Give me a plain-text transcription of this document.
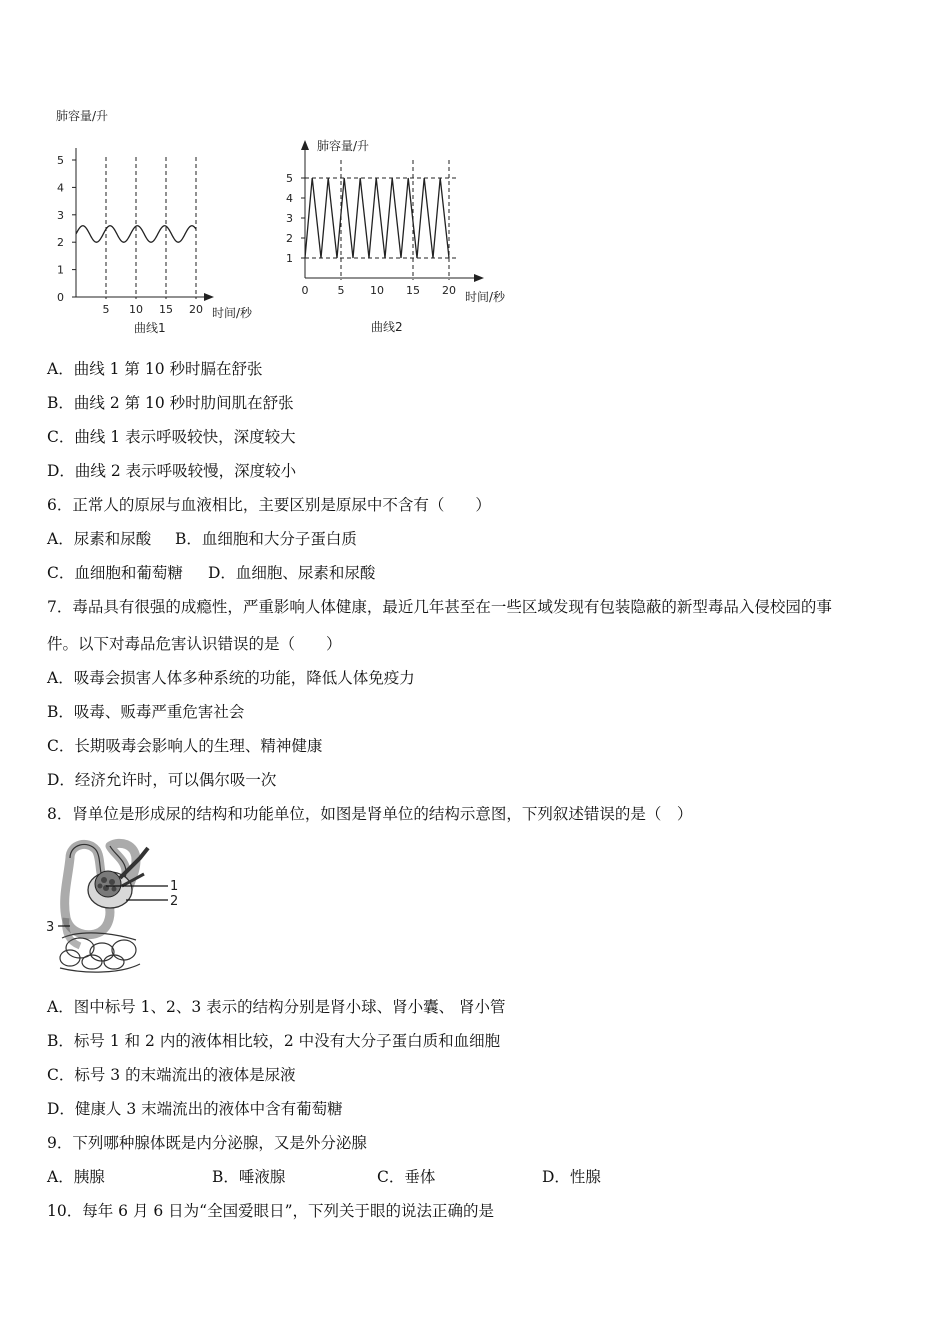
肺容量/升
0
1
2
3
4
5
5 10 15 20 时间/秒
曲线1
肺容量/升
1
2
3
4
5
0	5 10 15 20 时间/秒
曲线2
A．曲线 1 第 10 秒时膈在舒张
B．曲线 2 第 10 秒时肋间肌在舒张
C．曲线 1 表示呼吸较快，深度较大
D．曲线 2 表示呼吸较慢，深度较小
6．正常人的原尿与血液相比，主要区别是原尿中不含有（　　）
A．尿素和尿酸 B．血细胞和大分子蛋白质
C．血细胞和葡萄糖 D．血细胞、尿素和尿酸
7．毒品具有很强的成瘾性，严重影响人体健康，最近几年甚至在一些区域发现有包装隐蔽的新型毒品入侵校园的事
件。以下对毒品危害认识错误的是（　　）
A．吸毒会损害人体多种系统的功能，降低人体免疫力
B．吸毒、贩毒严重危害社会
C．长期吸毒会影响人的生理、精神健康
D．经济允许时，可以偶尔吸一次
8．肾单位是形成尿的结构和功能单位，如图是肾单位的结构示意图，下列叙述错误的是（　）
1
2
3
A．图中标号 1、2、3 表示的结构分别是肾小球、肾小囊、 肾小管
B．标号 1 和 2 内的液体相比较，2 中没有大分子蛋白质和血细胞
C．标号 3 的末端流出的液体是尿液
D．健康人 3 末端流出的液体中含有葡萄糖
9．下列哪种腺体既是内分泌腺，又是外分泌腺
A．胰腺	B．唾液腺	C．垂体	D．性腺
10．每年 6 月 6 日为“全国爱眼日”，下列关于眼的说法正确的是
